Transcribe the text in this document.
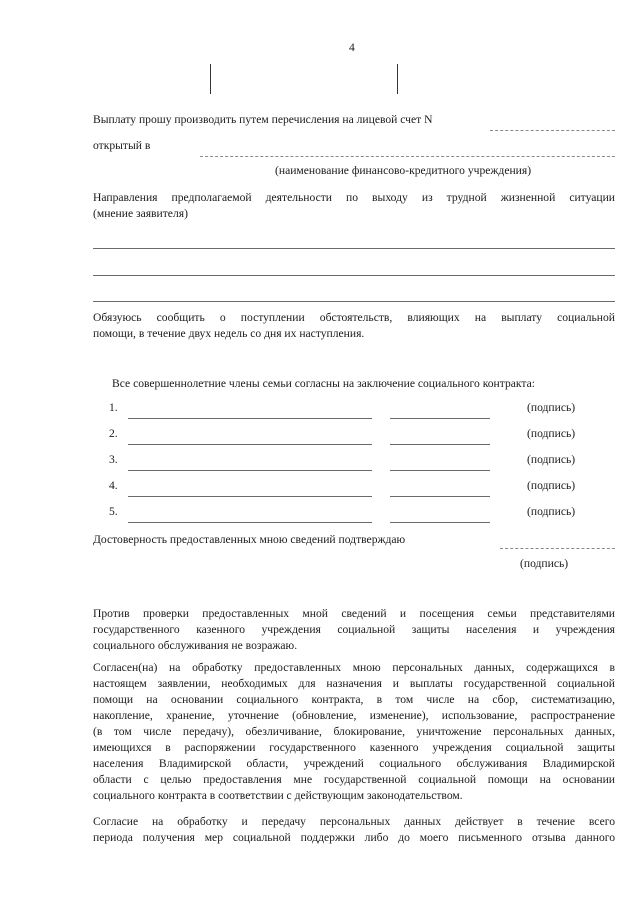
4
Выплату прошу производить путем перечисления на лицевой счет N
открытый в
(наименование финансово-кредитного учреждения)
Направления предполагаемой деятельности по выходу из трудной жизненной ситуации
(мнение заявителя)
Обязуюсь сообщить о поступлении обстоятельств, влияющих на выплату социальной
помощи, в течение двух недель со дня их наступления.
Все совершеннолетние члены семьи согласны на заключение социального контракта:
1.	(подпись)
2.	(подпись)
3.	(подпись)
4.	(подпись)
5.	(подпись)
Достоверность предоставленных мною сведений подтверждаю
(подпись)
Против проверки предоставленных мной сведений и посещения семьи представителями
государственного казенного учреждения социальной защиты населения и учреждения
социального обслуживания не возражаю.
Согласен(на) на обработку предоставленных мною персональных данных, содержащихся в
настоящем заявлении, необходимых для назначения и выплаты государственной социальной
помощи на основании социального контракта, в том числе на сбор, систематизацию,
накопление, хранение, уточнение (обновление, изменение), использование, распространение
(в том числе передачу), обезличивание, блокирование, уничтожение персональных данных,
имеющихся в распоряжении государственного казенного учреждения социальной защиты
населения Владимирской области, учреждений социального обслуживания Владимирской
области с целью предоставления мне государственной социальной помощи на основании
социального контракта в соответствии с действующим законодательством.
Согласие на обработку и передачу персональных данных действует в течение всего
периода получения мер социальной поддержки либо до моего письменного отзыва данного
